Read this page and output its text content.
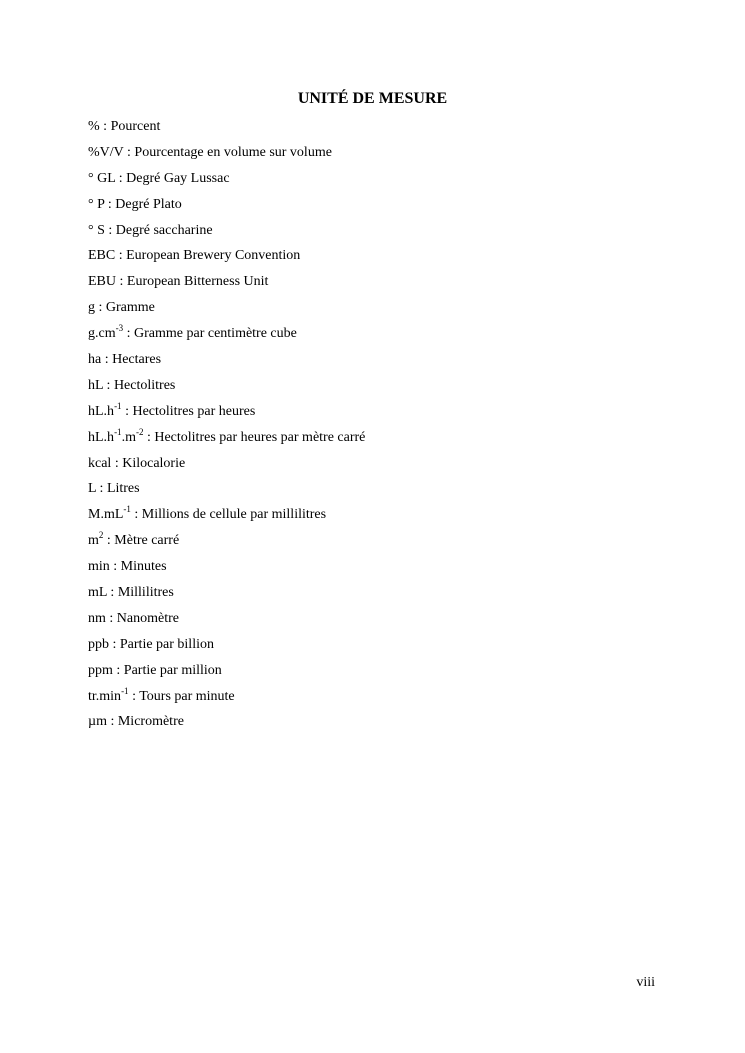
UNITÉ DE MESURE
% : Pourcent
%V/V : Pourcentage en volume sur volume
° GL : Degré Gay Lussac
° P : Degré Plato
° S : Degré saccharine
EBC : European Brewery Convention
EBU : European Bitterness Unit
g : Gramme
$g.cm^{-3}$ : Gramme par centimètre cube
ha : Hectares
hL : Hectolitres
$hL.h^{-1}$ : Hectolitres par heures
$hL.h^{-1}.m^{-2}$ : Hectolitres par heures par mètre carré
kcal : Kilocalorie
L : Litres
$M.mL^{-1}$ : Millions de cellule par millilitres
$m^2$ : Mètre carré
min : Minutes
mL : Millilitres
nm : Nanomètre
ppb : Partie par billion
ppm : Partie par million
$tr.\min^{-1}$ : Tours par minute
µm : Micromètre
viii
